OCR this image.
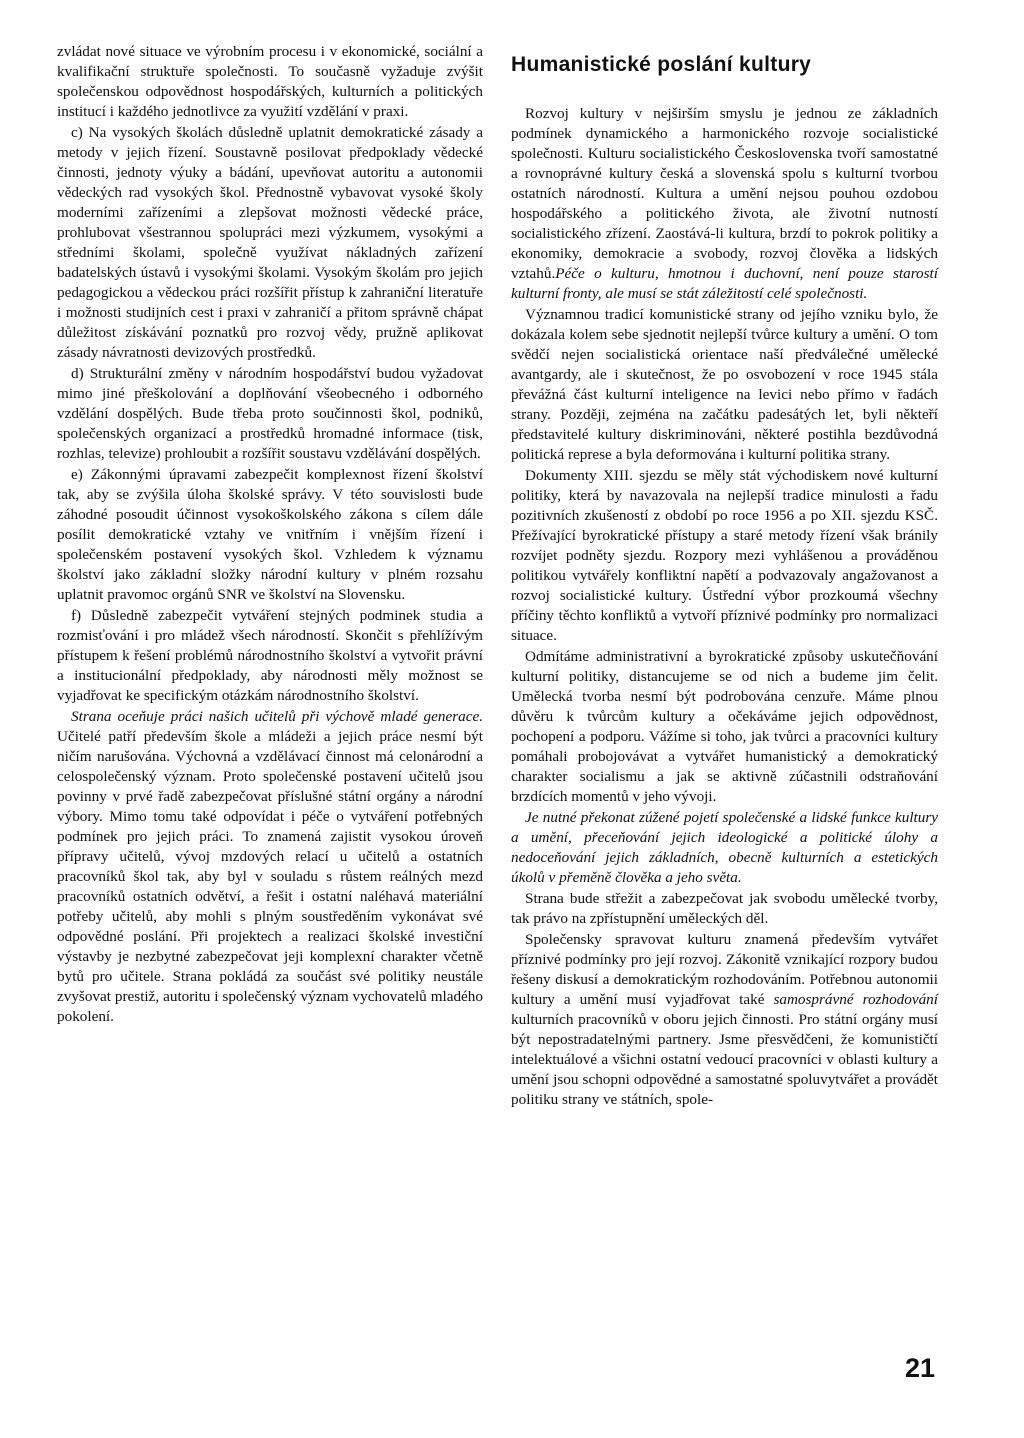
zvládat nové situace ve výrobním procesu i v ekonomické, sociální a kvalifikační struktuře společnosti. To současně vyžaduje zvýšit společenskou odpovědnost hospodářských, kulturních a politických institucí i každého jednotlivce za využití vzdělání v praxi.

c) Na vysokých školách důsledně uplatnit demokratické zásady a metody v jejich řízení. Soustavně posilovat předpoklady vědecké činnosti, jednoty výuky a bádání, upevňovat autoritu a autonomii vědeckých rad vysokých škol. Přednostně vybavovat vysoké školy moderními zařízeními a zlepšovat možnosti vědecké práce, prohlubovat všestrannou spolupráci mezi výzkumem, vysokými a středními školami, společně využívat nákladných zařízení badatelských ústavů i vysokými školami. Vysokým školám pro jejich pedagogickou a vědeckou práci rozšířit přístup k zahraniční literatuře i možnosti studijních cest i praxi v zahraničí a přitom správně chápat důležitost získávání poznatků pro rozvoj vědy, pružně aplikovat zásady návratnosti devizových prostředků.

d) Strukturální změny v národním hospodářství budou vyžadovat mimo jiné přeškolování a doplňování všeobecného i odborného vzdělání dospělých. Bude třeba proto součinnosti škol, podniků, společenských organizací a prostředků hromadné informace (tisk, rozhlas, televize) prohloubit a rozšířit soustavu vzdělávání dospělých.

e) Zákonnými úpravami zabezpečit komplexnost řízení školství tak, aby se zvýšila úloha školské správy. V této souvislosti bude záhodné posoudit účinnost vysokoškolského zákona s cílem dále posílit demokratické vztahy ve vnitřním i vnějším řízení i společenském postavení vysokých škol. Vzhledem k významu školství jako základní složky národní kultury v plném rozsahu uplatnit pravomoc orgánů SNR ve školství na Slovensku.

f) Důsledně zabezpečit vytváření stejných podminek studia a rozmisťování i pro mládež všech národností. Skončit s přehlížívým přístupem k řešení problémů národnostního školství a vytvořit právní a institucionální předpoklady, aby národnosti měly možnost se vyjadřovat ke specifickým otázkám národnostního školství.

Strana oceňuje práci našich učitelů při výchově mladé generace. Učitelé patří především škole a mládeži a jejich práce nesmí být ničím narušována. Výchovná a vzdělávací činnost má celonárodní a celospolečenský význam. Proto společenské postavení učitelů jsou povinny v prvé řadě zabezpečovat příslušné státní orgány a národní výbory. Mimo tomu také odpovídat i péče o vytváření potřebných podmínek pro jejich práci. To znamená zajistit vysokou úroveň přípravy učitelů, vývoj mzdových relací u učitelů a ostatních pracovníků škol tak, aby byl v souladu s růstem reálných mezd pracovníků ostatních odvětví, a řešit i ostatní naléhavá materiální potřeby učitelů, aby mohli s plným soustředěním vykonávat své odpovědné poslání. Při projektech a realizaci školské investiční výstavby je nezbytné zabezpečovat jeji komplexní charakter včetně bytů pro učitele. Strana pokládá za součást své politiky neustále zvyšovat prestiž, autoritu i společenský význam vychovatelů mladého pokolení.

Humanistické poslání kultury

Rozvoj kultury v nejširším smyslu je jednou ze základních podmínek dynamického a harmonického rozvoje socialistické společnosti. Kulturu socialistického Československa tvoří samostatné a rovnoprávné kultury česká a slovenská spolu s kulturní tvorbou ostatních národností. Kultura a umění nejsou pouhou ozdobou hospodářského a politického života, ale životní nutností socialistického zřízení. Zaostává-li kultura, brzdí to pokrok politiky a ekonomiky, demokracie a svobody, rozvoj člověka a lidských vztahů.Péče o kulturu, hmotnou i duchovní, není pouze starostí kulturní fronty, ale musí se stát záležitostí celé společnosti.

Významnou tradicí komunistické strany od jejího vzniku bylo, že dokázala kolem sebe sjednotit nejlepší tvůrce kultury a umění. O tom svědčí nejen socialistická orientace naší předválečné umělecké avantgardy, ale i skutečnost, že po osvobození v roce 1945 stála převážná část kulturní inteligence na levici nebo přímo v řadách strany. Později, zejména na začátku padesátých let, byli někteří představitelé kultury diskriminováni, některé postihla bezdůvodná politická represe a byla deformována i kulturní politika strany.

Dokumenty XIII. sjezdu se měly stát východiskem nové kulturní politiky, která by navazovala na nejlepší tradice minulosti a řadu pozitivních zkušeností z období po roce 1956 a po XII. sjezdu KSČ. Přežívající byrokratické přístupy a staré metody řízení však bránily rozvíjet podněty sjezdu. Rozpory mezi vyhlášenou a prováděnou politikou vytvářely konfliktní napětí a podvazovaly angažovanost a rozvoj socialistické kultury. Ústřední výbor prozkoumá všechny příčiny těchto konfliktů a vytvoří příznivé podmínky pro normalizaci situace.

Odmítáme administrativní a byrokratické způsoby uskutečňování kulturní politiky, distancujeme se od nich a budeme jim čelit. Umělecká tvorba nesmí být podrobována cenzuře. Máme plnou důvěru k tvůrcům kultury a očekáváme jejich odpovědnost, pochopení a podporu. Vážíme si toho, jak tvůrci a pracovníci kultury pomáhali probojovávat a vytvářet humanistický a demokratický charakter socialismu a jak se aktivně zúčastnili odstraňování brzdících momentů v jeho vývoji.

Je nutné překonat zúžené pojetí společenské a lidské funkce kultury a umění, přeceňování jejich ideologické a politické úlohy a nedoceňování jejich základních, obecně kulturních a estetických úkolů v přeměně člověka a jeho světa.

Strana bude střežit a zabezpečovat jak svobodu umělecké tvorby, tak právo na zpřístupnění uměleckých děl.

Společensky spravovat kulturu znamená především vytvářet příznivé podmínky pro její rozvoj. Zákonitě vznikající rozpory budou řešeny diskusí a demokratickým rozhodováním. Potřebnou autonomii kultury a umění musí vyjadřovat také samosprávné rozhodování kulturních pracovníků v oboru jejich činnosti. Pro státní orgány musí být nepostradatelnými partnery. Jsme přesvědčeni, že komunističtí intelektuálové a všichni ostatní vedoucí pracovníci v oblasti kultury a umění jsou schopni odpovědné a samostatné spoluvytvářet a provádět politiku strany ve státních, spole-

21
